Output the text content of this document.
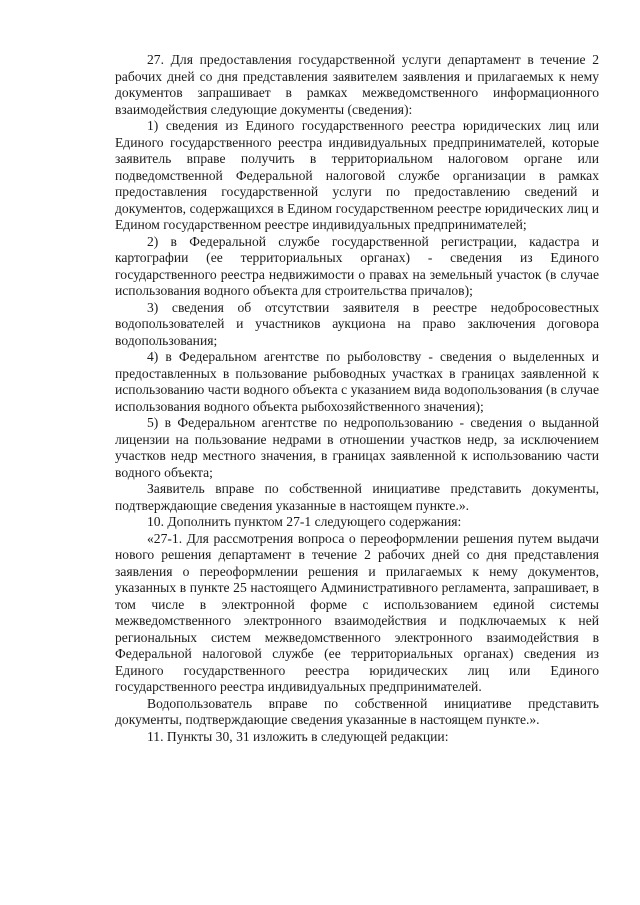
27. Для предоставления государственной услуги департамент в течение 2 рабочих дней со дня представления заявителем заявления и прилагаемых к нему документов запрашивает в рамках межведомственного информационного взаимодействия следующие документы (сведения):

1) сведения из Единого государственного реестра юридических лиц или Единого государственного реестра индивидуальных предпринимателей, которые заявитель вправе получить в территориальном налоговом органе или подведомственной Федеральной налоговой службе организации в рамках предоставления государственной услуги по предоставлению сведений и документов, содержащихся в Едином государственном реестре юридических лиц и Едином государственном реестре индивидуальных предпринимателей;

2) в Федеральной службе государственной регистрации, кадастра и картографии (ее территориальных органах) - сведения из Единого государственного реестра недвижимости о правах на земельный участок (в случае использования водного объекта для строительства причалов);

3) сведения об отсутствии заявителя в реестре недобросовестных водопользователей и участников аукциона на право заключения договора водопользования;

4) в Федеральном агентстве по рыболовству - сведения о выделенных и предоставленных в пользование рыбоводных участках в границах заявленной к использованию части водного объекта с указанием вида водопользования (в случае использования водного объекта рыбохозяйственного значения);

5) в Федеральном агентстве по недропользованию - сведения о выданной лицензии на пользование недрами в отношении участков недр, за исключением участков недр местного значения, в границах заявленной к использованию части водного объекта;

Заявитель вправе по собственной инициативе представить документы, подтверждающие сведения указанные в настоящем пункте.».

10. Дополнить пунктом 27-1 следующего содержания:

«27-1. Для рассмотрения вопроса о переоформлении решения путем выдачи нового решения департамент в течение 2 рабочих дней со дня представления заявления о переоформлении решения и прилагаемых к нему документов, указанных в пункте 25 настоящего Административного регламента, запрашивает, в том числе в электронной форме с использованием единой системы межведомственного электронного взаимодействия и подключаемых к ней региональных систем межведомственного электронного взаимодействия в Федеральной налоговой службе (ее территориальных органах) сведения из Единого государственного реестра юридических лиц или Единого государственного реестра индивидуальных предпринимателей.

Водопользователь вправе по собственной инициативе представить документы, подтверждающие сведения указанные в настоящем пункте.».

11. Пункты 30, 31 изложить в следующей редакции:
